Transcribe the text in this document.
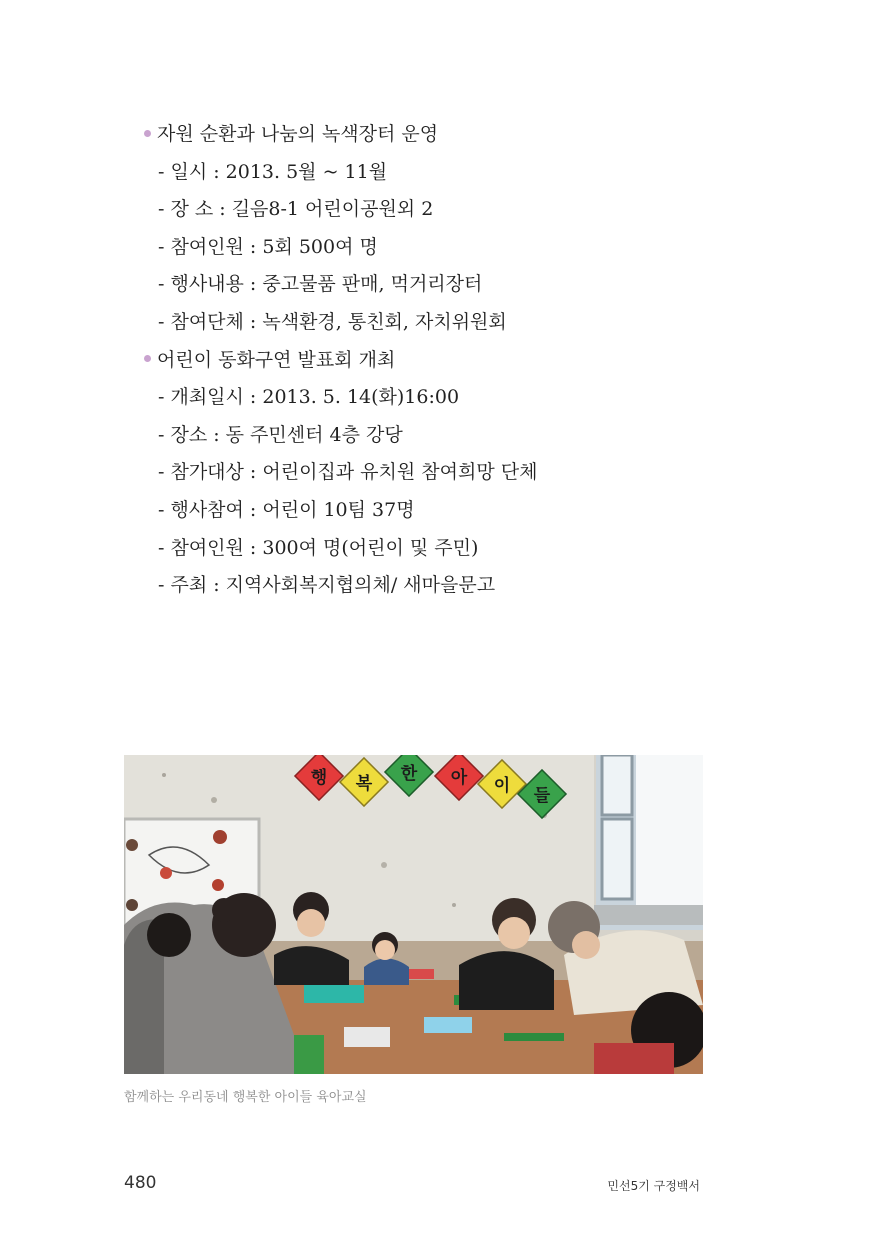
자원 순환과 나눔의 녹색장터 운영
- 일시 : 2013. 5월 ~ 11월
- 장 소 : 길음8-1 어린이공원외 2
- 참여인원 : 5회 500여 명
- 행사내용 : 중고물품 판매, 먹거리장터
- 참여단체 : 녹색환경, 통친회, 자치위원회
어린이 동화구연 발표회 개최
- 개최일시 : 2013. 5. 14(화)16:00
- 장소 : 동 주민센터 4층 강당
- 참가대상 : 어린이집과 유치원 참여희망 단체
- 행사참여 : 어린이 10팀 37명
- 참여인원 : 300여 명(어린이 및 주민)
- 주최 : 지역사회복지협의체/ 새마을문고
행 복 한 아 이 들
함께하는 우리동네 행복한 아이들 육아교실
480	민선5기 구정백서
